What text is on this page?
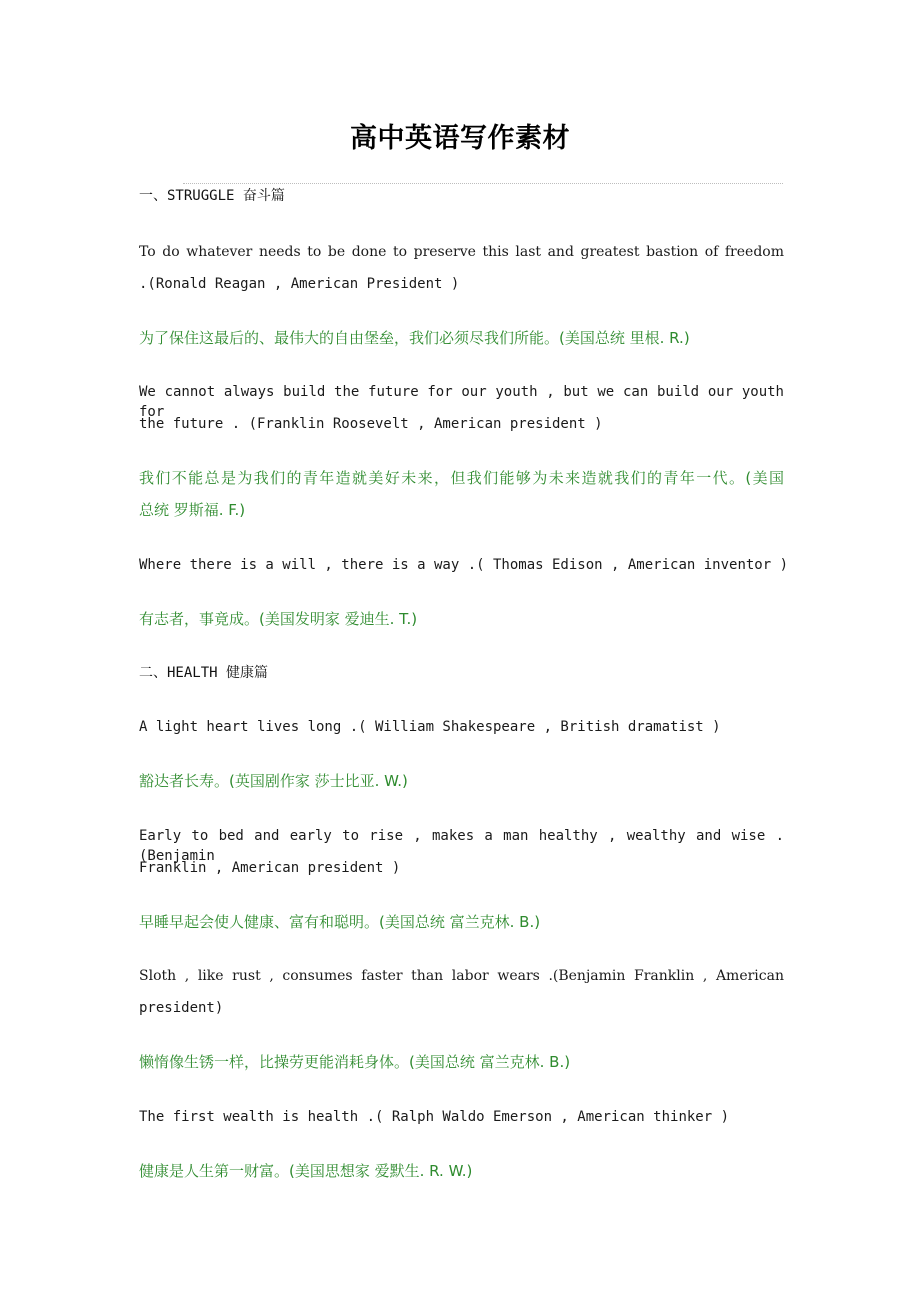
高中英语写作素材

一、STRUGGLE 奋斗篇

To do whatever needs to be done to preserve this last and greatest bastion of freedom

.(Ronald Reagan , American President )

为了保住这最后的、最伟大的自由堡垒，我们必须尽我们所能。(美国总统 里根. R.)

We cannot always build the future for our youth , but we can build our youth for

the future . (Franklin Roosevelt , American president )

我们不能总是为我们的青年造就美好未来，但我们能够为未来造就我们的青年一代。(美国

总统 罗斯福. F.)

Where there is a will , there is a way .( Thomas Edison , American inventor )

有志者，事竟成。(美国发明家 爱迪生. T.)

二、HEALTH 健康篇

A light heart lives long .( William Shakespeare , British dramatist )

豁达者长寿。(英国剧作家 莎士比亚. W.)

Early to bed and early to rise , makes a man healthy , wealthy and wise .(Benjamin

Franklin , American president )

早睡早起会使人健康、富有和聪明。(美国总统 富兰克林. B.)

Sloth , like rust , consumes faster than labor wears .(Benjamin Franklin , American

president)

懒惰像生锈一样，比操劳更能消耗身体。(美国总统 富兰克林. B.)

The first wealth is health .( Ralph Waldo Emerson , American thinker )

健康是人生第一财富。(美国思想家 爱默生. R. W.)
